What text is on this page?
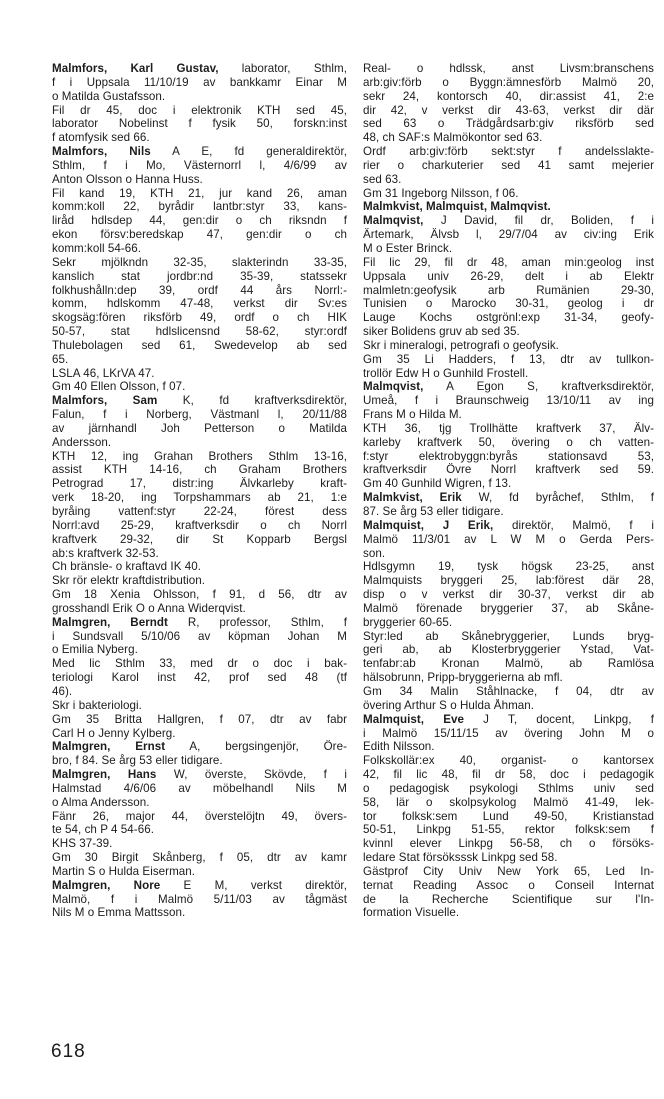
Malmfors, Karl Gustav, laborator, Sthlm,
f i Uppsala 11/10/19 av bankkamr Einar M
o Matilda Gustafsson.
Fil dr 45, doc i elektronik KTH sed 45,
laborator Nobelinst f fysik 50, forskn:inst
f atomfysik sed 66.
Malmfors, Nils A E, fd generaldirektör,
Sthlm, f i Mo, Västernorrl l, 4/6/99 av
Anton Olsson o Hanna Huss.
Fil kand 19, KTH 21, jur kand 26, aman
komm:koll 22, byrådir lantbr:styr 33, kans-
liråd hdlsdep 44, gen:dir o ch riksndn f
ekon försv:beredskap 47, gen:dir o ch
komm:koll 54-66.
Sekr mjölkndn 32-35, slakterindn 33-35,
kanslich stat jordbr:nd 35-39, statssekr
folkhushålln:dep 39, ordf 44 års Norrl:-
komm, hdlskomm 47-48, verkst dir Sv:es
skogsäg:fören riksförb 49, ordf o ch HIK
50-57, stat hdlslicensnd 58-62, styr:ordf
Thulebolagen sed 61, Swedevelop ab sed
65.
LSLA 46, LKrVA 47.
Gm 40 Ellen Olsson, f 07.
Malmfors, Sam K, fd kraftverksdirektör,
Falun, f i Norberg, Västmanl l, 20/11/88
av järnhandl Joh Petterson o Matilda
Andersson.
KTH 12, ing Grahan Brothers Sthlm 13-16,
assist KTH 14-16, ch Graham Brothers
Petrograd 17, distr:ing Älvkarleby kraft-
verk 18-20, ing Torpshammars ab 21, 1:e
byråing vattenf:styr 22-24, förest dess
Norrl:avd 25-29, kraftverksdir o ch Norrl
kraftverk 29-32, dir St Kopparb Bergsl
ab:s kraftverk 32-53.
Ch bränsle- o kraftavd IK 40.
Skr rör elektr kraftdistribution.
Gm 18 Xenia Ohlsson, f 91, d 56, dtr av
grosshandl Erik O o Anna Widerqvist.
Malmgren, Berndt R, professor, Sthlm, f
i Sundsvall 5/10/06 av köpman Johan M
o Emilia Nyberg.
Med lic Sthlm 33, med dr o doc i bak-
teriologi Karol inst 42, prof sed 48 (tf
46).
Skr i bakteriologi.
Gm 35 Britta Hallgren, f 07, dtr av fabr
Carl H o Jenny Kylberg.
Malmgren, Ernst A, bergsingenjör, Öre-
bro, f 84. Se årg 53 eller tidigare.
Malmgren, Hans W, överste, Skövde, f i
Halmstad 4/6/06 av möbelhandl Nils M
o Alma Andersson.
Fänr 26, major 44, överstelöjtn 49, övers-
te 54, ch P 4 54-66.
KHS 37-39.
Gm 30 Birgit Skånberg, f 05, dtr av kamr
Martin S o Hulda Eiserman.
Malmgren, Nore E M, verkst direktör,
Malmö, f i Malmö 5/11/03 av tågmäst
Nils M o Emma Mattsson.
Real- o hdlssk, anst Livsm:branschens
arb:giv:förb o Byggn:ämnesförb Malmö 20,
sekr 24, kontorsch 40, dir:assist 41, 2:e
dir 42, v verkst dir 43-63, verkst dir där
sed 63 o Trädgårdsarb:giv riksförb sed
48, ch SAF:s Malmökontor sed 63.
Ordf arb:giv:förb sekt:styr f andelsslakte-
rier o charkuterier sed 41 samt mejerier
sed 63.
Gm 31 Ingeborg Nilsson, f 06.
Malmkvist, Malmquist, Malmqvist.
Malmqvist, J David, fil dr, Boliden, f i
Ärtemark, Älvsb l, 29/7/04 av civ:ing Erik
M o Ester Brinck.
Fil lic 29, fil dr 48, aman min:geolog inst
Uppsala univ 26-29, delt i ab Elektr
malmletn:geofysik arb Rumänien 29-30,
Tunisien o Marocko 30-31, geolog i dr
Lauge Kochs ostgrönl:exp 31-34, geofy-
siker Bolidens gruv ab sed 35.
Skr i mineralogi, petrografi o geofysik.
Gm 35 Li Hadders, f 13, dtr av tullkon-
trollör Edw H o Gunhild Frostell.
Malmqvist, A Egon S, kraftverksdirektör,
Umeå, f i Braunschweig 13/10/11 av ing
Frans M o Hilda M.
KTH 36, tjg Trollhätte kraftverk 37, Älv-
karleby kraftverk 50, övering o ch vatten-
f:styr elektrobyggn:byrås stationsavd 53,
kraftverksdir Övre Norrl kraftverk sed 59.
Gm 40 Gunhild Wigren, f 13.
Malmkvist, Erik W, fd byråchef, Sthlm, f
87. Se årg 53 eller tidigare.
Malmquist, J Erik, direktör, Malmö, f i
Malmö 11/3/01 av L W M o Gerda Pers-
son.
Hdlsgymn 19, tysk högsk 23-25, anst
Malmquists bryggeri 25, lab:förest där 28,
disp o v verkst dir 30-37, verkst dir ab
Malmö förenade bryggerier 37, ab Skåne-
bryggerier 60-65.
Styr:led ab Skånebryggerier, Lunds bryg-
geri ab, ab Klosterbryggerier Ystad, Vat-
tenfabr:ab Kronan Malmö, ab Ramlösa
hälsobrunn, Pripp-bryggerierna ab mfl.
Gm 34 Malin Ståhlnacke, f 04, dtr av
övering Arthur S o Hulda Åhman.
Malmquist, Eve J T, docent, Linkpg, f
i Malmö 15/11/15 av övering John M o
Edith Nilsson.
Folkskollär:ex 40, organist- o kantorsex
42, fil lic 48, fil dr 58, doc i pedagogik
o pedagogisk psykologi Sthlms univ sed
58, lär o skolpsykolog Malmö 41-49, lek-
tor folksk:sem Lund 49-50, Kristianstad
50-51, Linkpg 51-55, rektor folksk:sem f
kvinnl elever Linkpg 56-58, ch o försöks-
ledare Stat försöksssk Linkpg sed 58.
Gästprof City Univ New York 65, Led In-
ternat Reading Assoc o Conseil Internat
de la Recherche Scientifique sur l'In-
formation Visuelle.
618
